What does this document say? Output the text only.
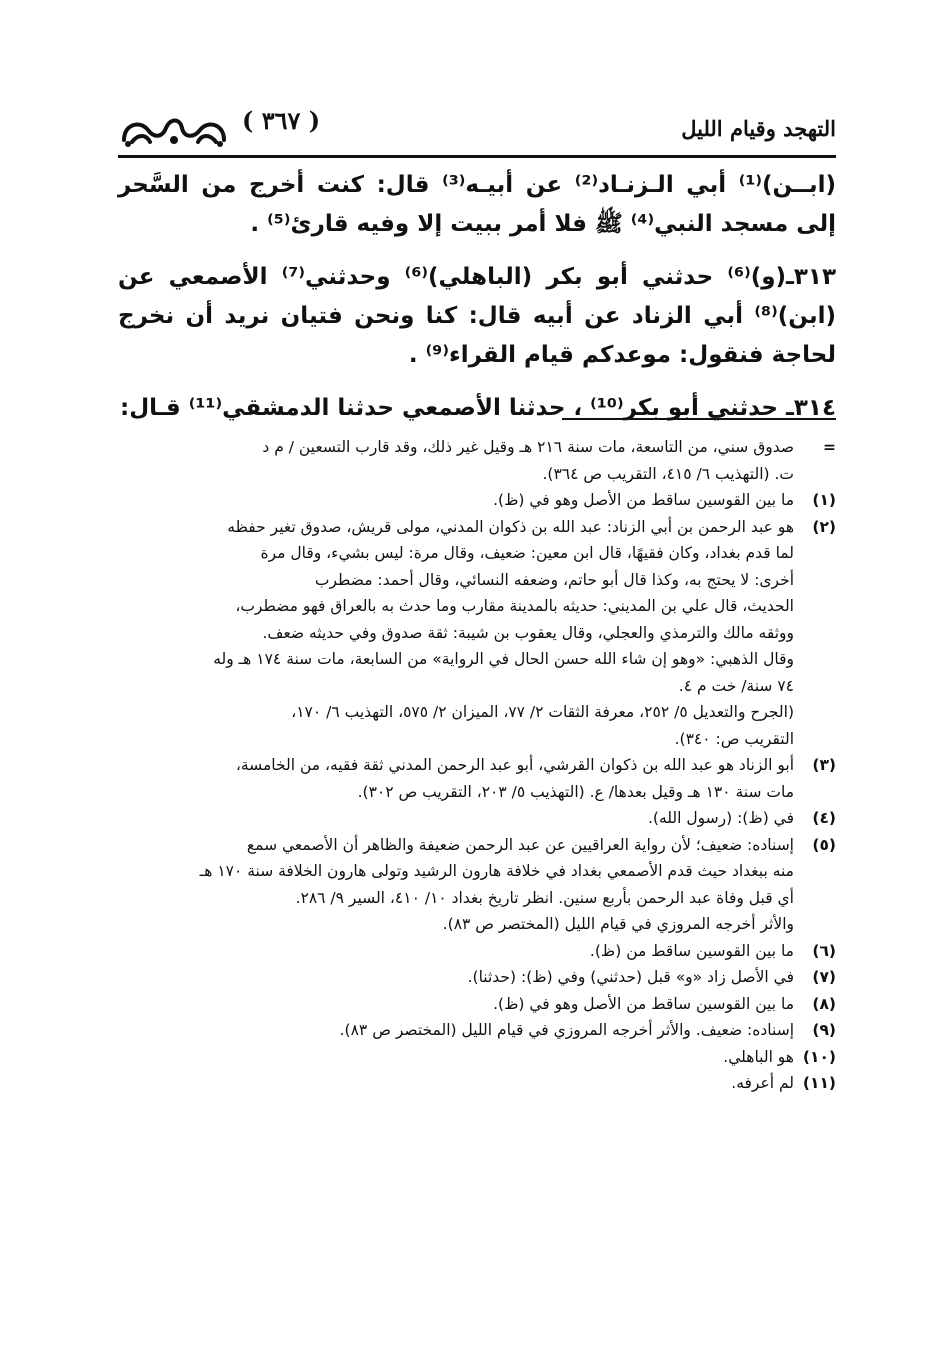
( ٣٦٧ )	التهجد وقيام الليل

(ابــن)⁽¹⁾ أبي الـزنـاد⁽²⁾ عن أبيـه⁽³⁾ قال: كنت أخرج من السَّحر إلى مسجد النبي⁽⁴⁾ ﷺ فلا أمر ببيت إلا وفيه قارئ⁽⁵⁾ .

٣١٣ـ(و)⁽⁶⁾ حدثني أبو بكر (الباهلي)⁽⁶⁾ وحدثني⁽⁷⁾ الأصمعي عن (ابن)⁽⁸⁾ أبي الزناد عن أبيه قال: كنا ونحن فتيان نريد أن نخرج لحاجة فنقول: موعدكم قيام القراء⁽⁹⁾ .

٣١٤ـ حدثني أبو بكر⁽¹⁰⁾ ، حدثنا الأصمعي حدثنا الدمشقي⁽¹¹⁾ قـال:

=
صدوق سني، من التاسعة، مات سنة ٢١٦ هـ وقيل غير ذلك، وقد قارب التسعين / م د
ت. (التهذيب ٦/ ٤١٥، التقريب ص ٣٦٤).
(١)
ما بين القوسين ساقط من الأصل وهو في (ظ).
(٢)
هو عبد الرحمن بن أبي الزناد: عبد الله بن ذكوان المدني، مولى قريش، صدوق تغير حفظه
لما قدم بغداد، وكان فقيهًا، قال ابن معين: ضعيف، وقال مرة: ليس بشيء، وقال مرة
أخرى: لا يحتج به، وكذا قال أبو حاتم، وضعفه النسائي، وقال أحمد: مضطرب
الحديث، قال علي بن المديني: حديثه بالمدينة مقارب وما حدث به بالعراق فهو مضطرب،
ووثقه مالك والترمذي والعجلي، وقال يعقوب بن شيبة: ثقة صدوق وفي حديثه ضعف.
وقال الذهبي: «وهو إن شاء الله حسن الحال في الرواية» من السابعة، مات سنة ١٧٤ هـ وله
٧٤ سنة/ خت م ٤.
(الجرح والتعديل ٥/ ٢٥٢، معرفة الثقات ٢/ ٧٧، الميزان ٢/ ٥٧٥، التهذيب ٦/ ١٧٠،
التقريب ص: ٣٤٠).
(٣)
أبو الزناد هو عبد الله بن ذكوان القرشي، أبو عبد الرحمن المدني ثقة فقيه، من الخامسة،
مات سنة ١٣٠ هـ وقيل بعدها/ ع. (التهذيب ٥/ ٢٠٣، التقريب ص ٣٠٢).
(٤)
في (ظ): (رسول الله).
(٥)
إسناده: ضعيف؛ لأن رواية العراقيين عن عبد الرحمن ضعيفة والظاهر أن الأصمعي سمع
منه ببغداد حيث قدم الأصمعي بغداد في خلافة هارون الرشيد وتولى هارون الخلافة سنة ١٧٠ هـ
أي قبل وفاة عبد الرحمن بأربع سنين. انظر تاريخ بغداد ١٠/ ٤١٠، السير ٩/ ٢٨٦.
والأثر أخرجه المروزي في قيام الليل (المختصر ص ٨٣).
(٦)
ما بين القوسين ساقط من (ظ).
(٧)
في الأصل زاد «و» قبل (حدثني) وفي (ظ): (حدثنا).
(٨)
ما بين القوسين ساقط من الأصل وهو في (ظ).
(٩)
إسناده: ضعيف. والأثر أخرجه المروزي في قيام الليل (المختصر ص ٨٣).
(١٠)
هو الباهلي.
(١١)
لم أعرفه.
